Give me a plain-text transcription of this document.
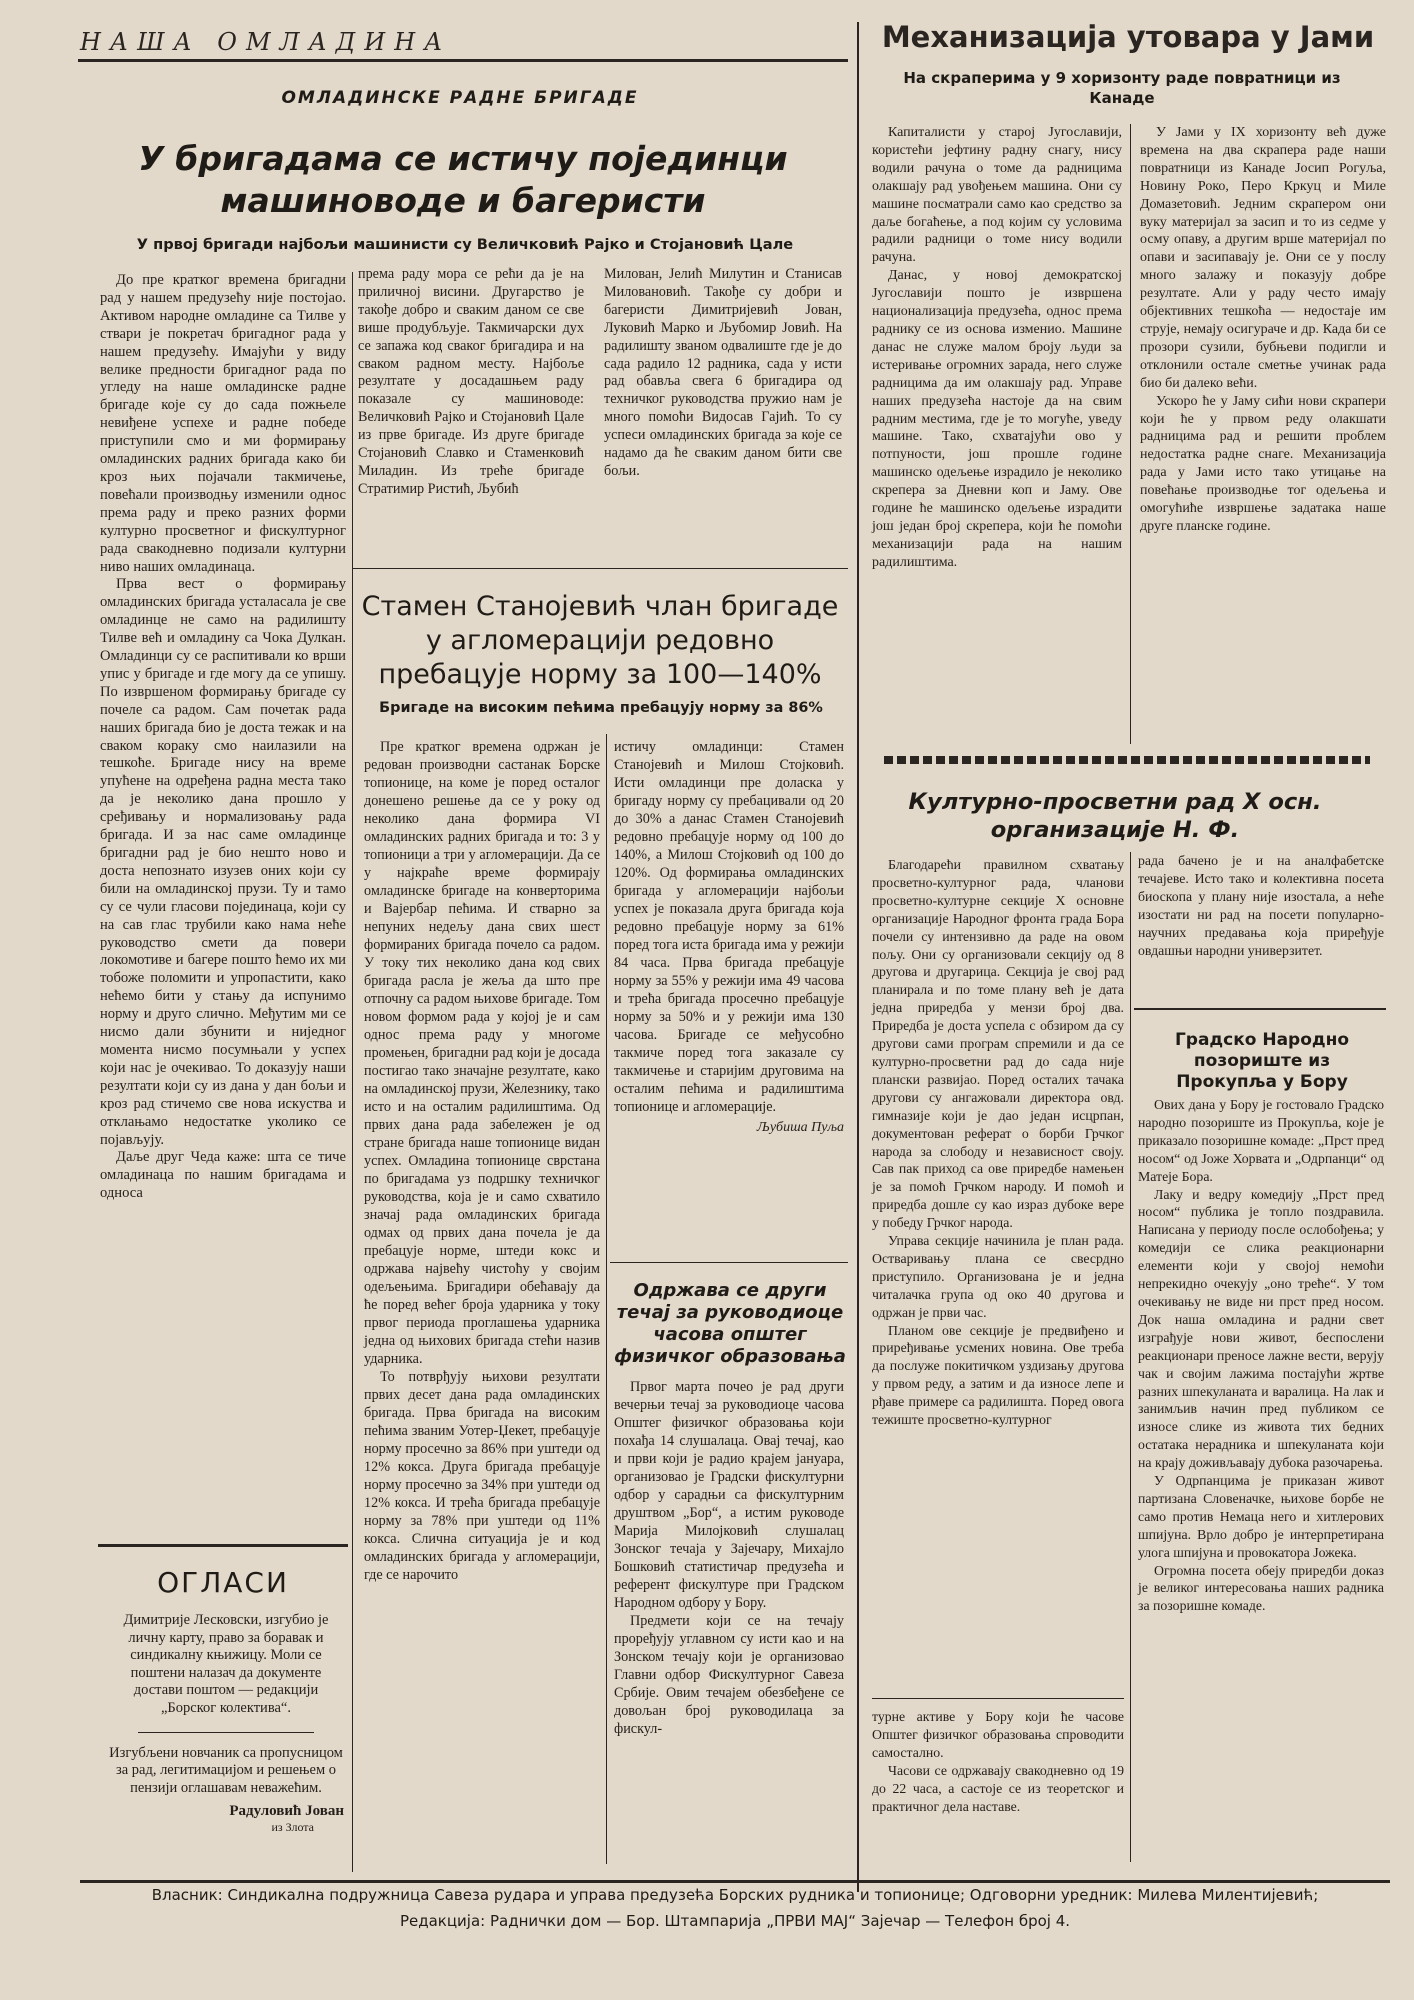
НАША ОМЛАДИНА	Механизација утовара у Јами
ОМЛАДИНСКЕ РАДНЕ БРИГАДЕ
У бригадама се истичу појединци машиноводе и багеристи
У првој бригади најбољи машинисти су Величковић Рајко и Стојановић Цале

До пре кратког времена бригадни рад у нашем предузећу није постојао. Активом народне омладине са Тилве у ствари је покретач бригадног рада у нашем предузећу. Имајући у виду велике предности бригадног рада по угледу на наше омладинске радне бригаде које су до сада пожњеле невиђене успехе и радне победе приступили смо и ми формирању омладинских радних бригада како би кроз њих појачали такмичење, повећали производњу изменили однос према раду и преко разних форми културно просветног и фискултурног рада свакодневно подизали културни ниво наших омладинаца.

Прва вест о формирању омладинских бригада усталасала је све омладинце не само на радилишту Тилве већ и омладину са Чока Дулкан. Омладинци су се распитивали ко врши упис у бригаде и где могу да се упишу. По извршеном формирању бригаде су почеле са радом. Сам почетак рада наших бригада био је доста тежак и на сваком кораку смо наилазили на тешкоће. Бригаде нису на време упућене на одређена радна места тако да је неколико дана прошло у сређивању и нормализовању рада бригада. И за нас саме омладинце бригадни рад је био нешто ново и доста непознато изузев оних који су били на омладинској прузи. Ту и тамо су се чули гласови појединаца, који су на сав глас трубили како нама неће руководство смети да повери локомотиве и багере пошто ћемо их ми тобоже поломити и упропастити, како нећемо бити у стању да испунимо норму и друго слично. Међутим ми се нисмо дали збунити и ниједног момента нисмо посумњали у успех који нас је очекивао. То доказују наши резултати који су из дана у дан бољи и кроз рад стичемо све нова искуства и отклањамо недостатке уколико се појављују.

Даље друг Чеда каже: шта се тиче омладинаца по нашим бригадама и односа

према раду мора се рећи да је на приличној висини. Другарство је такође добро и сваким даном се све више продубљује. Такмичарски дух се запажа код сваког бригадира и на сваком радном месту. Најбоље резултате у досадашњем раду показале су машиноводе: Величковић Рајко и Стојановић Цале из прве бригаде. Из друге бригаде Стојановић Славко и Стаменковић Миладин. Из треће бригаде Стратимир Ристић, Љубић

Милован, Јелић Милутин и Станисав Миловановић. Такође су добри и багеристи Димитријевић Јован, Луковић Марко и Љубомир Јовић. На радилишту званом одвалиште где је до сада радило 12 радника, сада у исти рад обавља свега 6 бригадира од техничког руководства пружио нам је много помоћи Видосав Гајић. То су успеси омладинских бригада за које се надамо да ће сваким даном бити све бољи.

Стамен Станојевић члан бригаде у агломерацији редовно пребацује норму за 100—140%
Бригаде на високим пећима пребацују норму за 86%

Пре кратког времена одржан је редован производни састанак Борске топионице, на коме је поред осталог донешено решење да се у року од неколико дана формира VI омладинских радних бригада и то: 3 у топионици а три у агломерацији. Да се у најкраће време формирају омладинске бригаде на конверторима и Вајербар пећима. И стварно за непуних недељу дана свих шест формираних бригада почело са радом. У току тих неколико дана код свих бригада расла је жеља да што пре отпочну са радом њихове бригаде. Том новом формом рада у којој је и сам однос према раду у многоме промењен, бригадни рад који је досада постигао тако значајне резултате, како на омладинској прузи, Железнику, тако исто и на осталим радилиштима. Од првих дана рада забележен је од стране бригада наше топионице видан успех. Омладина топионице сврстана по бригадама уз подршку техничког руководства, која је и само схватило значај рада омладинских бригада одмах од првих дана почела је да пребацује норме, штеди кокс и одржава највећу чистоћу у својим одељењима. Бригадири обећавају да ће поред већег броја ударника у току првог периода проглашења ударника једна од њихових бригада стећи назив ударника.

То потврђују њихови резултати првих десет дана рада омладинских бригада. Прва бригада на високим пећима званим Уотер-Џекет, пребацује норму просечно за 86% при уштеди од 12% кокса. Друга бригада пребацује норму просечно за 34% при уштеди од 12% кокса. И трећа бригада пребацује норму за 78% при уштеди од 11% кокса. Слична ситуација је и код омладинских бригада у агломерацији, где се нарочито

истичу омладинци: Стамен Станојевић и Милош Стојковић. Исти омладинци пре доласка у бригаду норму су пребацивали од 20 до 30% а данас Стамен Станојевић редовно пребацује норму од 100 до 140%, а Милош Стојковић од 100 до 120%. Од формирања омладинских бригада у агломерацији најбољи успех је показала друга бригада која редовно пребацује норму за 61% поред тога иста бригада има у режији 84 часа. Прва бригада пребацује норму за 55% у режији има 49 часова и трећа бригада просечно пребацује норму за 50% и у режији има 130 часова. Бригаде се међусобно такмиче поред тога заказале су такмичење и старијим друговима на осталим пећима и радилиштима топионице и агломерације.

Љубиша Пуља
Одржава се други течај за руководиоце часова општег физичког образовања

Првог марта почео је рад други вечерњи течај за руководиоце часова Општег физичког образовања који похађа 14 слушалаца. Овај течај, као и први који је радио крајем јануара, организовао је Градски фискултурни одбор у сарадњи са фискултурним друштвом „Бор“, а истим руководе Марија Милојковић слушалац Зонског течаја у Зајечару, Михајло Бошковић статистичар предузећа и референт фискултуре при Градском Народном одбору у Бору.

Предмети који се на течају проређују углавном су исти као и на Зонском течају који је организовао Главни одбор Фискултурног Савеза Србије. Овим течајем обезбеђене се довољан број руководилаца за фискул-

ОГЛАСИ

Димитрије Лесковски, изгубио је личну карту, право за боравак и синдикалну књижицу. Моли се поштени налазач да документе достави поштом — редакцији „Борског колектива“.

Изгубљени новчаник са пропусницом за рад, легитимацијом и решењем о пензији оглашавам неважећим.

Радуловић Јован
из Злота
На скраперима у 9 хоризонту раде повратници из Канаде

Капиталисти у старој Југославији, користећи јефтину радну снагу, нису водили рачуна о томе да радницима олакшају рад увођењем машина. Они су машине посматрали само као средство за даље богаћење, а под којим су условима радили радници о томе нису водили рачуна.

Данас, у новој демократској Југославији пошто је извршена национализација предузећа, однос према раднику се из основа изменио. Машине данас не служе малом броју људи за истеривање огромних зарада, него служе радницима да им олакшају рад. Управе наших предузећа настоје да на свим радним местима, где је то могуће, уведу машине. Тако, схватајући ово у потпуности, још прошле године машинско одељење израдило је неколико скрепера за Дневни коп и Јаму. Ове године ће машинско одељење израдити још један број скрепера, који ће помоћи механизацији рада на нашим радилиштима.

У Јами у IX хоризонту већ дуже времена на два скрапера раде наши повратници из Канаде Јосип Рогуља, Новину Роко, Перо Кркуц и Миле Домазетовић. Једним скрапером они вуку материјал за засип и то из седме у осму опаву, а другим врше материјал по опави и засипавају је. Они се у послу много залажу и показују добре резултате. Али у раду често имају објективних тешкоћа — недостаје им струје, немају осигураче и др. Када би се прозори сузили, бубњеви подигли и отклонили остале сметње учинак рада био би далеко већи.

Ускоро ће у Јаму сићи нови скрапери који ће у првом реду олакшати радницима рад и решити проблем недостатка радне снаге. Механизација рада у Јами исто тако утицање на повећање производње тог одељења и омогућиће извршење задатака наше друге планске године.

Културно-просветни рад X осн. организације Н. Ф.

Благодарећи правилном схватању просветно-културног рада, чланови просветно-културне секције X основне организације Народног фронта града Бора почели су интензивно да раде на овом пољу. Они су организовали секцију од 8 другова и другарица. Секција је свој рад планирала и по томе плану већ је дата једна приредба у мензи број два. Приредба је доста успела с обзиром да су другови сами програм спремили и да се културно-просветни рад до сада није плански развијао. Поред осталих тачака другови су ангажовали директора овд. гимназије који је дао један исцрпан, документован реферат о борби Грчког народа за слободу и независност своју. Сав пак приход са ове приредбе намењен је за помоћ Грчком народу. И помоћ и приредба дошле су као израз дубоке вере у победу Грчког народа.

Управа секције начинила је план рада. Остваривању плана се свесрдно приступило. Организована је и једна читалачка група од око 40 другова и одржан је први час.

Планом ове секције је предвиђено и приређивање усмених новина. Ове треба да послуже покитичком уздизању другова у првом реду, а затим и да износе лепе и рђаве примере са радилишта. Поред овога тежиште просветно-културног

рада бачено је и на аналфабетске течајеве. Исто тако и колективна посета биоскопа у плану није изостала, а неће изостати ни рад на посети популарно-научних предавања која приређује овдашњи народни универзитет.

Градско Народно позориште из Прокупља у Бору

Ових дана у Бору је гостовало Градско народно позориште из Прокупља, које је приказало позоришне комаде: „Прст пред носом“ од Јоже Хорвата и „Одрпанци“ од Матеје Бора.

Лаку и ведру комедију „Прст пред носом“ публика је топло поздравила. Написана у периоду после ослобођења; у комедији се слика реакционарни елементи који у својој немоћи непрекидно очекују „оно треће“. У том очекивању не виде ни прст пред носом. Док наша омладина и радни свет изграђује нови живот, беспослени реакционари преносе лажне вести, верују чак и својим лажима постајући жртве разних шпекуланата и варалица. На лак и занимљив начин пред публиком се износе слике из живота тих бедних остатака нерадника и шпекуланата који на крају доживљавају дубока разочарења.

У Одрпанцима је приказан живот партизана Словеначке, њихове борбе не само против Немаца него и хитлерових шпијуна. Врло добро је интерпретирана улога шпијуна и провокатора Јожека.

Огромна посета обеју приредби доказ је великог интересовања наших радника за позоришне комаде.

турне активе у Бору који ће часове Општег физичког образовања спроводити самостално.

Часови се одржавају свакодневно од 19 до 22 часа, а састоје се из теоретског и практичног дела наставе.

Власник: Синдикална подружница Савеза рудара и управа предузећа Борских рудника и топионице; Одговорни уредник: Милева Милентијевић;
Редакција: Раднички дом — Бор. Штампарија „ПРВИ МАЈ“ Зајечар — Телефон број 4.
